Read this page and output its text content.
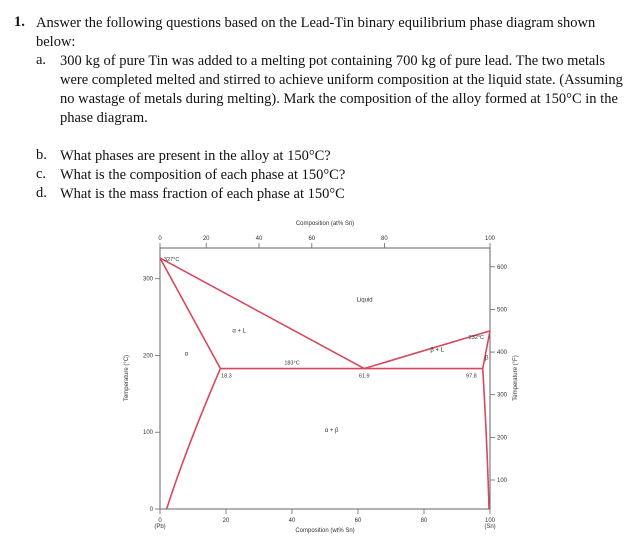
1. Answer the following questions based on the Lead-Tin binary equilibrium phase diagram shown below:
a. 300 kg of pure Tin was added to a melting pot containing 700 kg of pure lead. The two metals were completed melted and stirred to achieve uniform composition at the liquid state. (Assuming no wastage of metals during melting). Mark the composition of the alloy formed at 150°C in the phase diagram.
b. What phases are present in the alloy at 150°C?
c. What is the composition of each phase at 150°C?
d. What is the mass fraction of each phase at 150°C
Composition (at% Sn)
Composition (wt% Sn)
Temperature (°C)	Temperature (°F)
(Pb)	(Sn)
0	20	40	60	80	100
0	20	40	60	80	100
0
100
200
300
100
200
300
400
500
600
327°C
232°C
183°C
18.3	61.9	97.8
Liquid
α
β
α + L
β + L
α + β
